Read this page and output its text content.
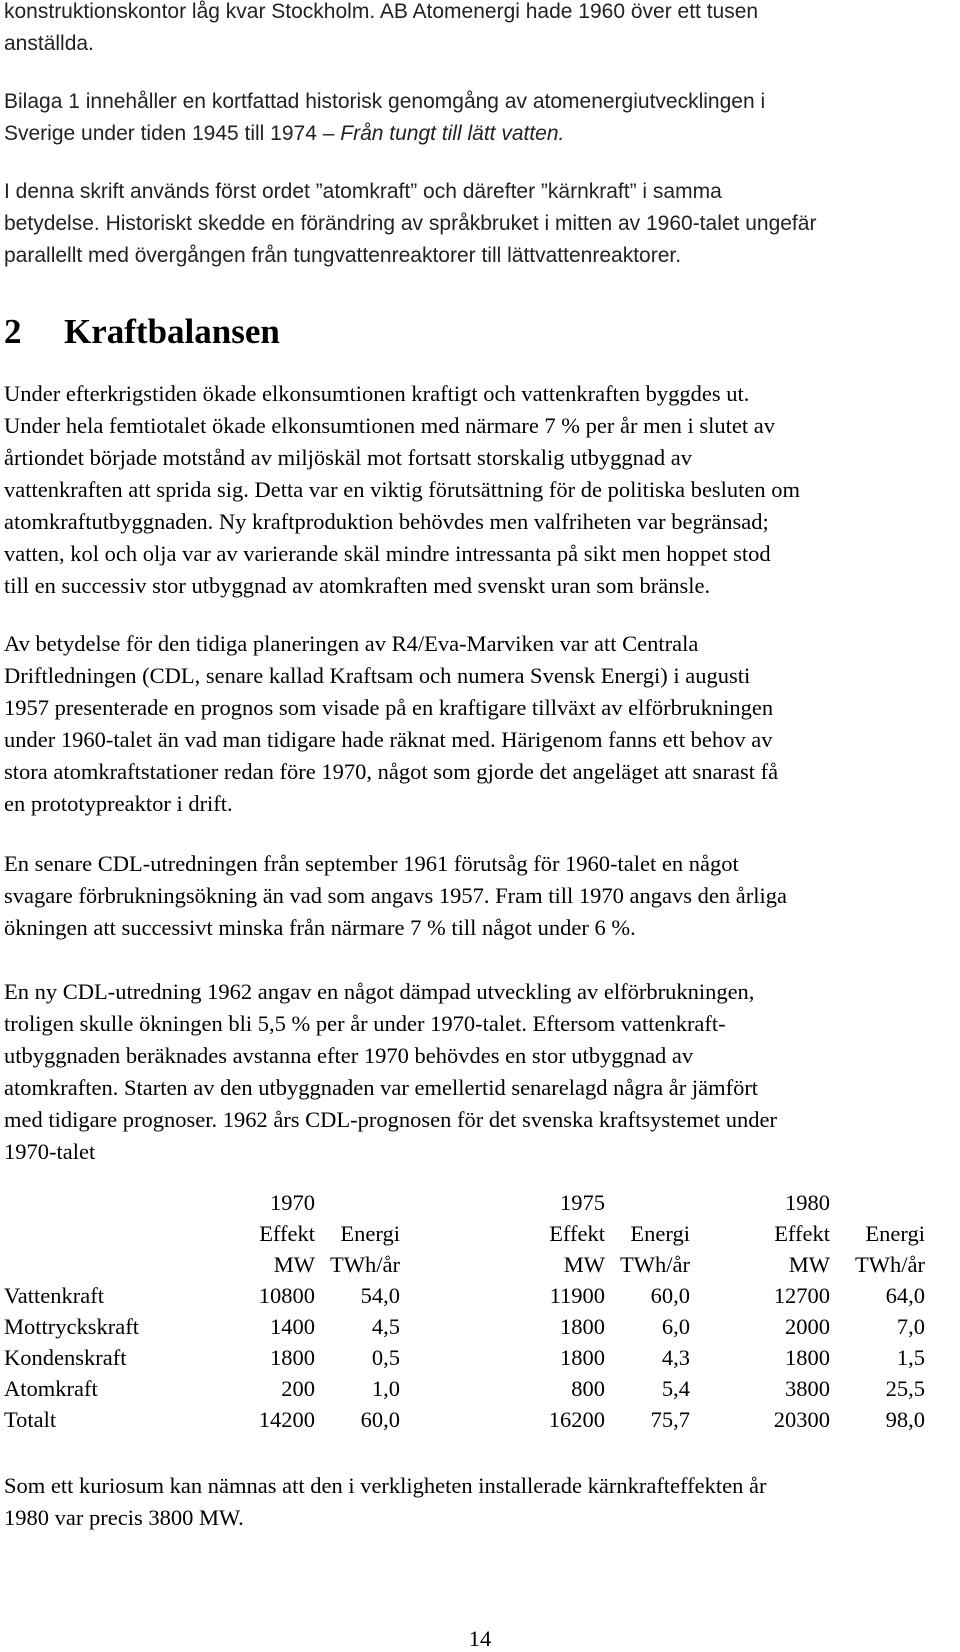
konstruktionskontor låg kvar Stockholm. AB Atomenergi hade 1960 över ett tusen

anställda.

Bilaga 1 innehåller en kortfattad historisk genomgång av atomenergiutvecklingen i

Sverige under tiden 1945 till 1974 – Från tungt till lätt vatten.

I denna skrift används först ordet ”atomkraft” och därefter ”kärnkraft” i samma

betydelse. Historiskt skedde en förändring av språkbruket i mitten av 1960-talet ungefär

parallellt med övergången från tungvattenreaktorer till lättvattenreaktorer.

2 Kraftbalansen

Under efterkrigstiden ökade elkonsumtionen kraftigt och vattenkraften byggdes ut.

Under hela femtiotalet ökade elkonsumtionen med närmare 7 % per år men i slutet av

årtiondet började motstånd av miljöskäl mot fortsatt storskalig utbyggnad av

vattenkraften att sprida sig. Detta var en viktig förutsättning för de politiska besluten om

atomkraftutbyggnaden. Ny kraftproduktion behövdes men valfriheten var begränsad;

vatten, kol och olja var av varierande skäl mindre intressanta på sikt men hoppet stod

till en successiv stor utbyggnad av atomkraften med svenskt uran som bränsle.

Av betydelse för den tidiga planeringen av R4/Eva-Marviken var att Centrala

Driftledningen (CDL, senare kallad Kraftsam och numera Svensk Energi) i augusti

1957 presenterade en prognos som visade på en kraftigare tillväxt av elförbrukningen

under 1960-talet än vad man tidigare hade räknat med. Härigenom fanns ett behov av

stora atomkraftstationer redan före 1970, något som gjorde det angeläget att snarast få

en prototypreaktor i drift.

En senare CDL-utredningen från september 1961 förutsåg för 1960-talet en något

svagare förbrukningsökning än vad som angavs 1957. Fram till 1970 angavs den årliga

ökningen att successivt minska från närmare 7 % till något under 6 %.

En ny CDL-utredning 1962 angav en något dämpad utveckling av elförbrukningen,

troligen skulle ökningen bli 5,5 % per år under 1970-talet. Eftersom vattenkraft-

utbyggnaden beräknades avstanna efter 1970 behövdes en stor utbyggnad av

atomkraften. Starten av den utbyggnaden var emellertid senarelagd några år jämfört

med tidigare prognoser. 1962 års CDL-prognosen för det svenska kraftsystemet under

1970-talet

	1970		1975		1980	
	Effekt	Energi	Effekt	Energi	Effekt	Energi
	MW	TWh/år	MW	TWh/år	MW	TWh/år
Vattenkraft	10800	54,0	11900	60,0	12700	64,0
Mottryckskraft	1400	4,5	1800	6,0	2000	7,0
Kondenskraft	1800	0,5	1800	4,3	1800	1,5
Atomkraft	200	1,0	800	5,4	3800	25,5
Totalt	14200	60,0	16200	75,7	20300	98,0

Som ett kuriosum kan nämnas att den i verkligheten installerade kärnkrafteffekten år

1980 var precis 3800 MW.

14
